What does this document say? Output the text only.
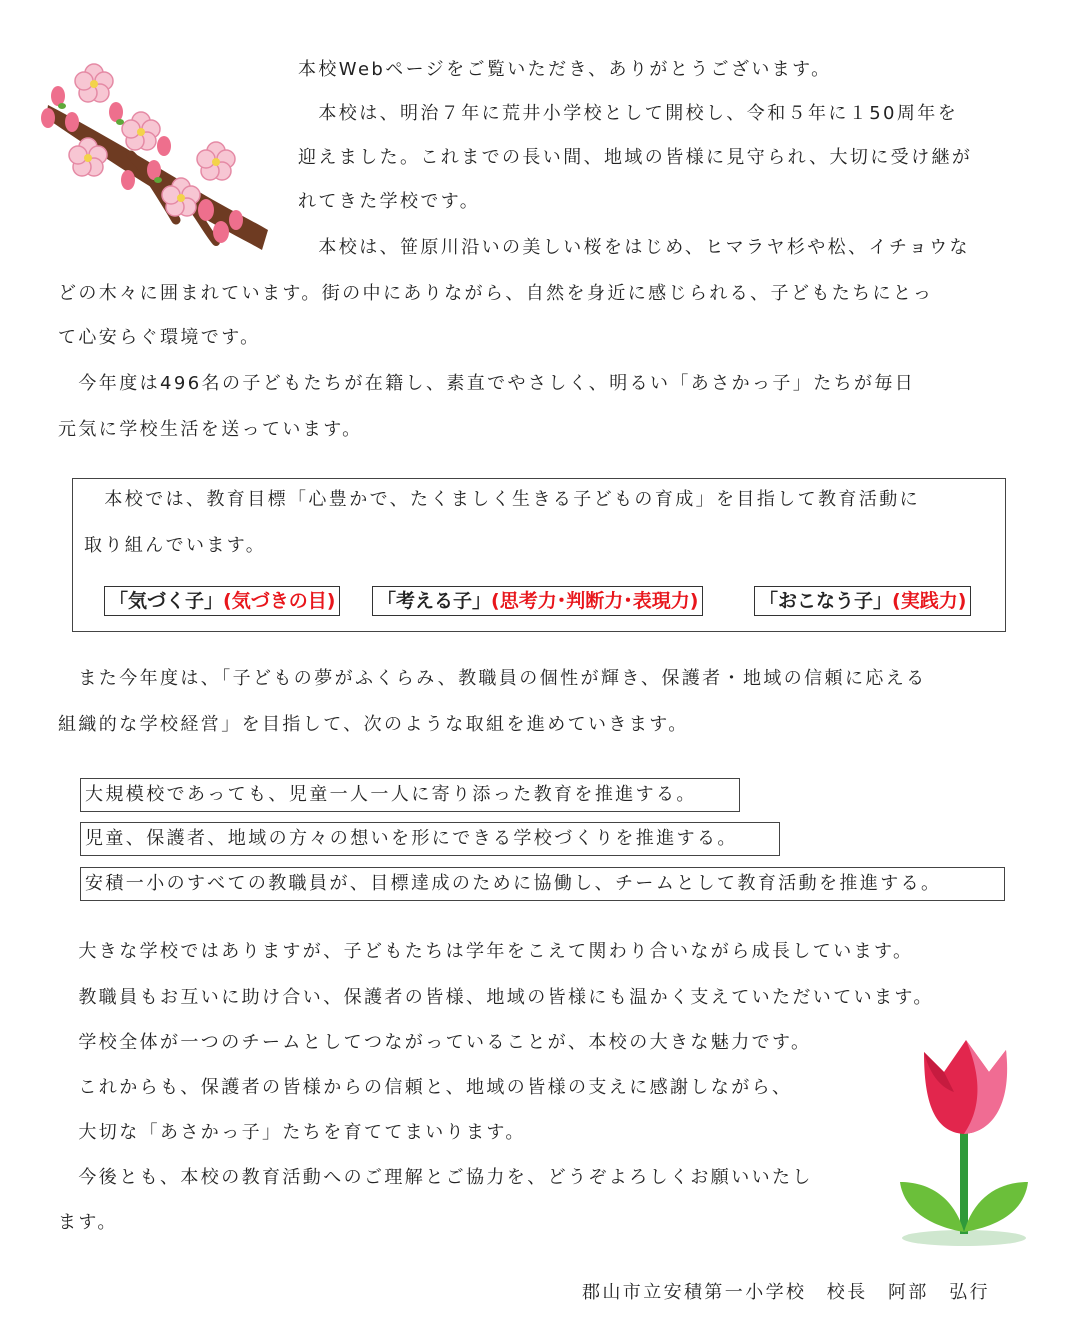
本校Webページをご覧いただき、ありがとうございます。

　本校は、明治７年に荒井小学校として開校し、令和５年に１50周年を

迎えました。これまでの長い間、地域の皆様に見守られ、大切に受け継が

れてきた学校です。

　本校は、笹原川沿いの美しい桜をはじめ、ヒマラヤ杉や松、イチョウな

どの木々に囲まれています。街の中にありながら、自然を身近に感じられる、子どもたちにとっ

て心安らぐ環境です。

　今年度は496名の子どもたちが在籍し、素直でやさしく、明るい「あさかっ子」たちが毎日

元気に学校生活を送っています。

　本校では、教育目標「心豊かで、たくましく生きる子どもの育成」を目指して教育活動に

取り組んでいます。

「気づく子」(気づきの目) 「考える子」(思考力･判断力･表現力)	「おこなう子」(実践力)

　また今年度は、「子どもの夢がふくらみ、教職員の個性が輝き、保護者・地域の信頼に応える

組織的な学校経営」を目指して、次のような取組を進めていきます。

大規模校であっても、児童一人一人に寄り添った教育を推進する。
児童、保護者、地域の方々の想いを形にできる学校づくりを推進する。
安積一小のすべての教職員が、目標達成のために協働し、チームとして教育活動を推進する。

　大きな学校ではありますが、子どもたちは学年をこえて関わり合いながら成長しています。

　教職員もお互いに助け合い、保護者の皆様、地域の皆様にも温かく支えていただいています。

　学校全体が一つのチームとしてつながっていることが、本校の大きな魅力です。

　これからも、保護者の皆様からの信頼と、地域の皆様の支えに感謝しながら、

　大切な「あさかっ子」たちを育ててまいります。

　今後とも、本校の教育活動へのご理解とご協力を、どうぞよろしくお願いいたし

ます。

郡山市立安積第一小学校　校長　阿部　弘行
